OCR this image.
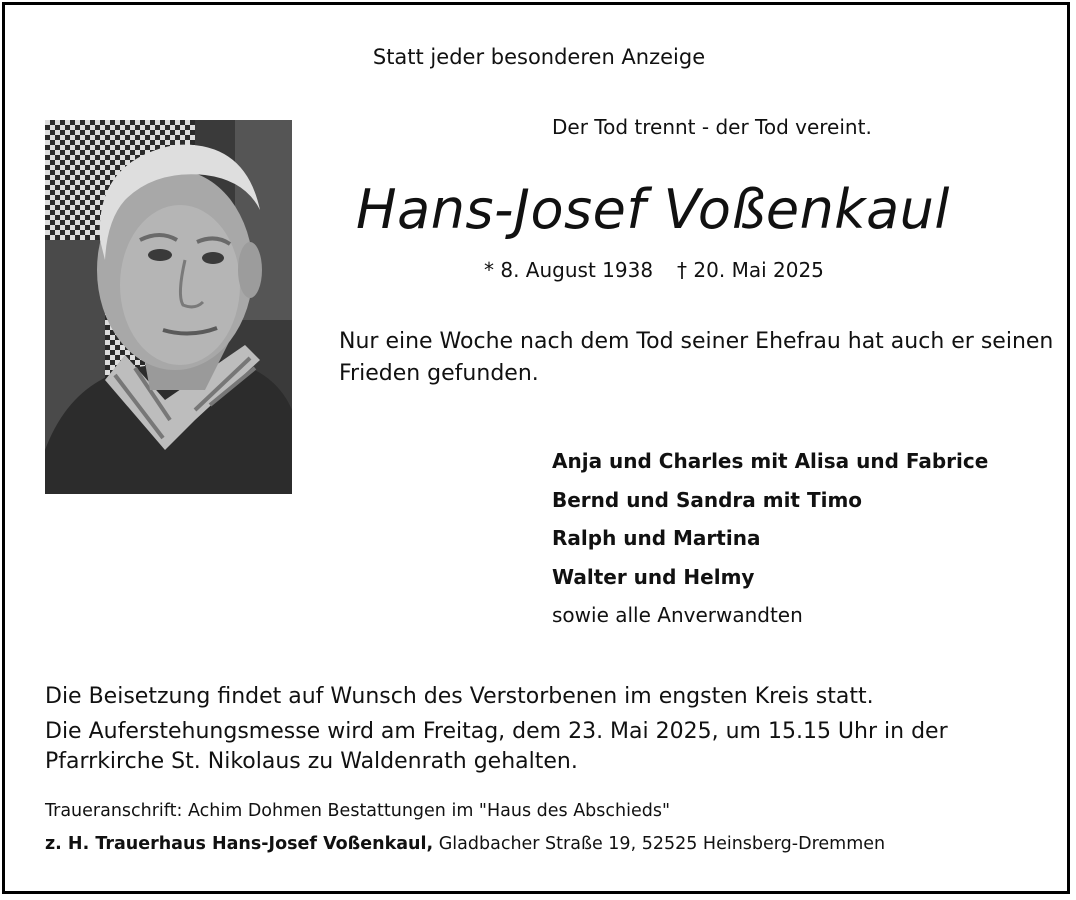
Statt jeder besonderen Anzeige
Der Tod trennt - der Tod vereint.
Hans-Josef Voßenkaul
* 8. August 1938 † 20. Mai 2025
Nur eine Woche nach dem Tod seiner Ehefrau hat auch er seinen Frieden gefunden.
Anja und Charles mit Alisa und Fabrice
Bernd und Sandra mit Timo
Ralph und Martina
Walter und Helmy
sowie alle Anverwandten

Die Beisetzung findet auf Wunsch des Verstorbenen im engsten Kreis statt.

Die Auferstehungsmesse wird am Freitag, dem 23. Mai 2025, um 15.15 Uhr in der Pfarrkirche St. Nikolaus zu Waldenrath gehalten.

Traueranschrift: Achim Dohmen Bestattungen im "Haus des Abschieds"
z. H. Trauerhaus Hans-Josef Voßenkaul, Gladbacher Straße 19, 52525 Heinsberg-Dremmen
